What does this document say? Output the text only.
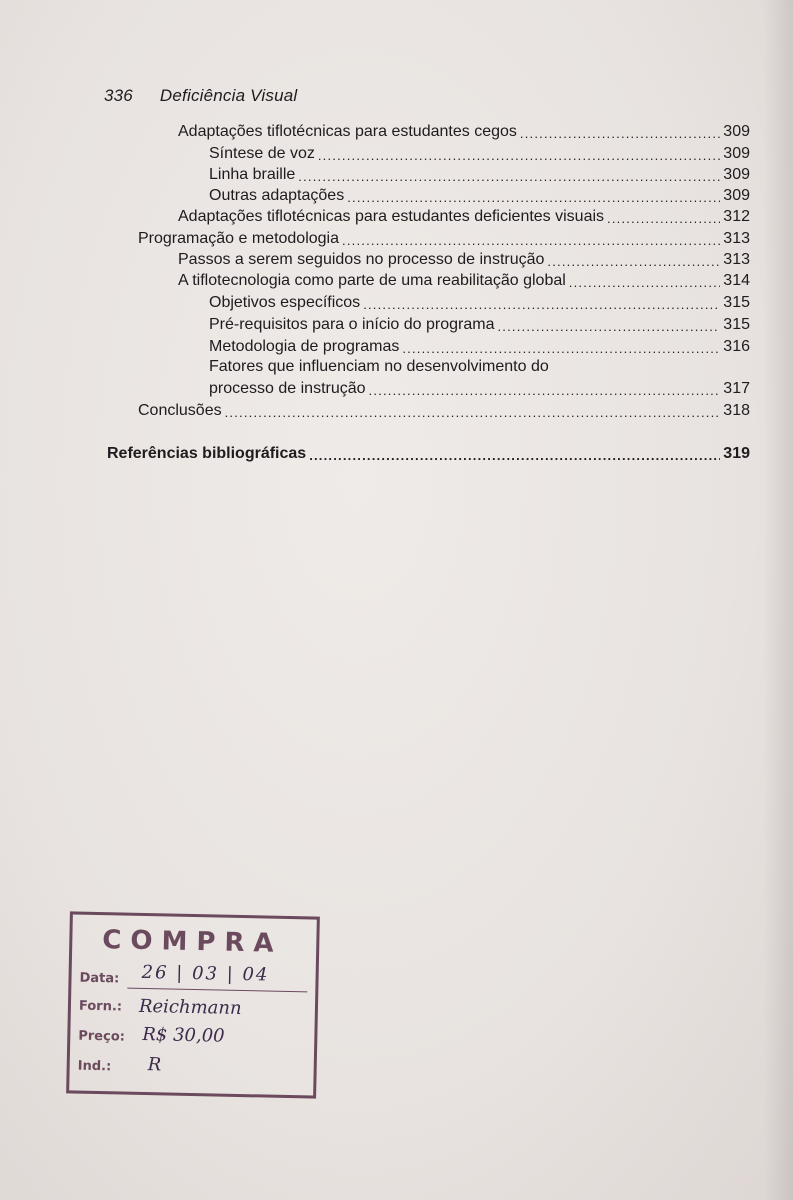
336 Deficiência Visual
Adaptações tiflotécnicas para estudantes cegos .....	309
Síntese de voz .....	309
Linha braille .....	309
Outras adaptações .....	309
Adaptações tiflotécnicas para estudantes deficientes visuais .....	312
Programação e metodologia .....	313
Passos a serem seguidos no processo de instrução .....	313
A tiflotecnologia como parte de uma reabilitação global .....	314
Objetivos específicos .....	315
Pré-requisitos para o início do programa .....	315
Metodologia de programas .....	316
Fatores que influenciam no desenvolvimento do
processo de instrução .....	317
Conclusões .....	318
Referências bibliográficas .....	319
COMPRA
Data: 26 | 03 | 04
Forn.: Reichmann
Preço: R$ 30,00
Ind.: R
